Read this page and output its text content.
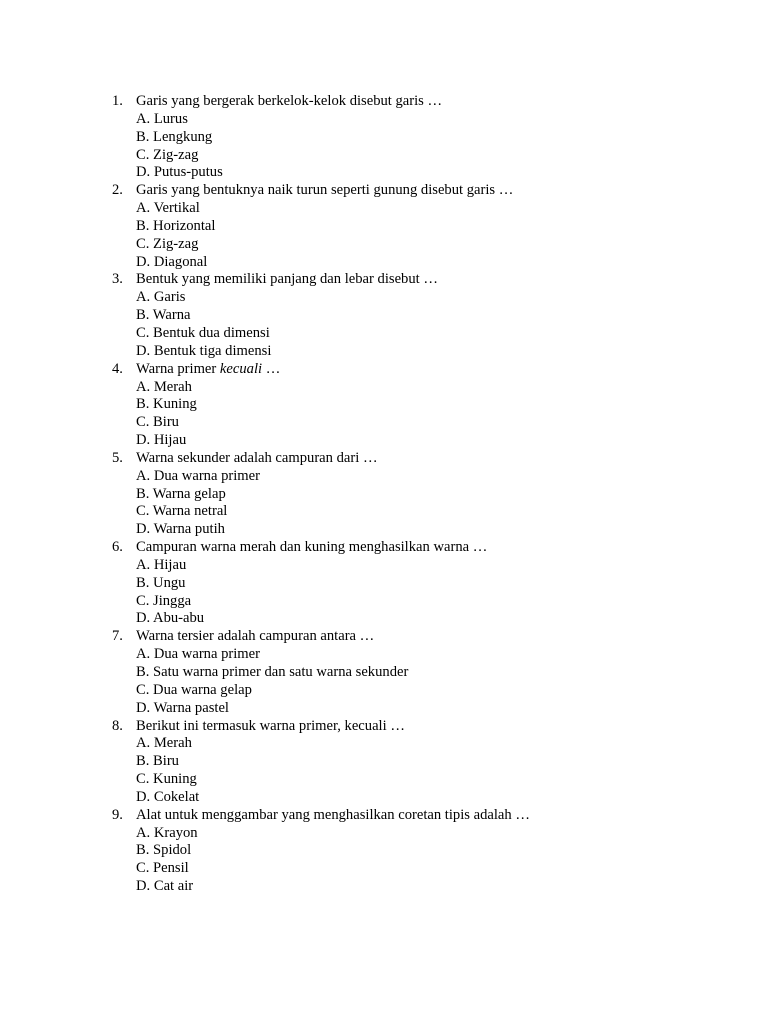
1. Garis yang bergerak berkelok-kelok disebut garis …
A. Lurus
B. Lengkung
C. Zig-zag
D. Putus-putus
2. Garis yang bentuknya naik turun seperti gunung disebut garis …
A. Vertikal
B. Horizontal
C. Zig-zag
D. Diagonal
3. Bentuk yang memiliki panjang dan lebar disebut …
A. Garis
B. Warna
C. Bentuk dua dimensi
D. Bentuk tiga dimensi
4. Warna primer kecuali …
A. Merah
B. Kuning
C. Biru
D. Hijau
5. Warna sekunder adalah campuran dari …
A. Dua warna primer
B. Warna gelap
C. Warna netral
D. Warna putih
6. Campuran warna merah dan kuning menghasilkan warna …
A. Hijau
B. Ungu
C. Jingga
D. Abu-abu
7. Warna tersier adalah campuran antara …
A. Dua warna primer
B. Satu warna primer dan satu warna sekunder
C. Dua warna gelap
D. Warna pastel
8. Berikut ini termasuk warna primer, kecuali …
A. Merah
B. Biru
C. Kuning
D. Cokelat
9. Alat untuk menggambar yang menghasilkan coretan tipis adalah …
A. Krayon
B. Spidol
C. Pensil
D. Cat air
